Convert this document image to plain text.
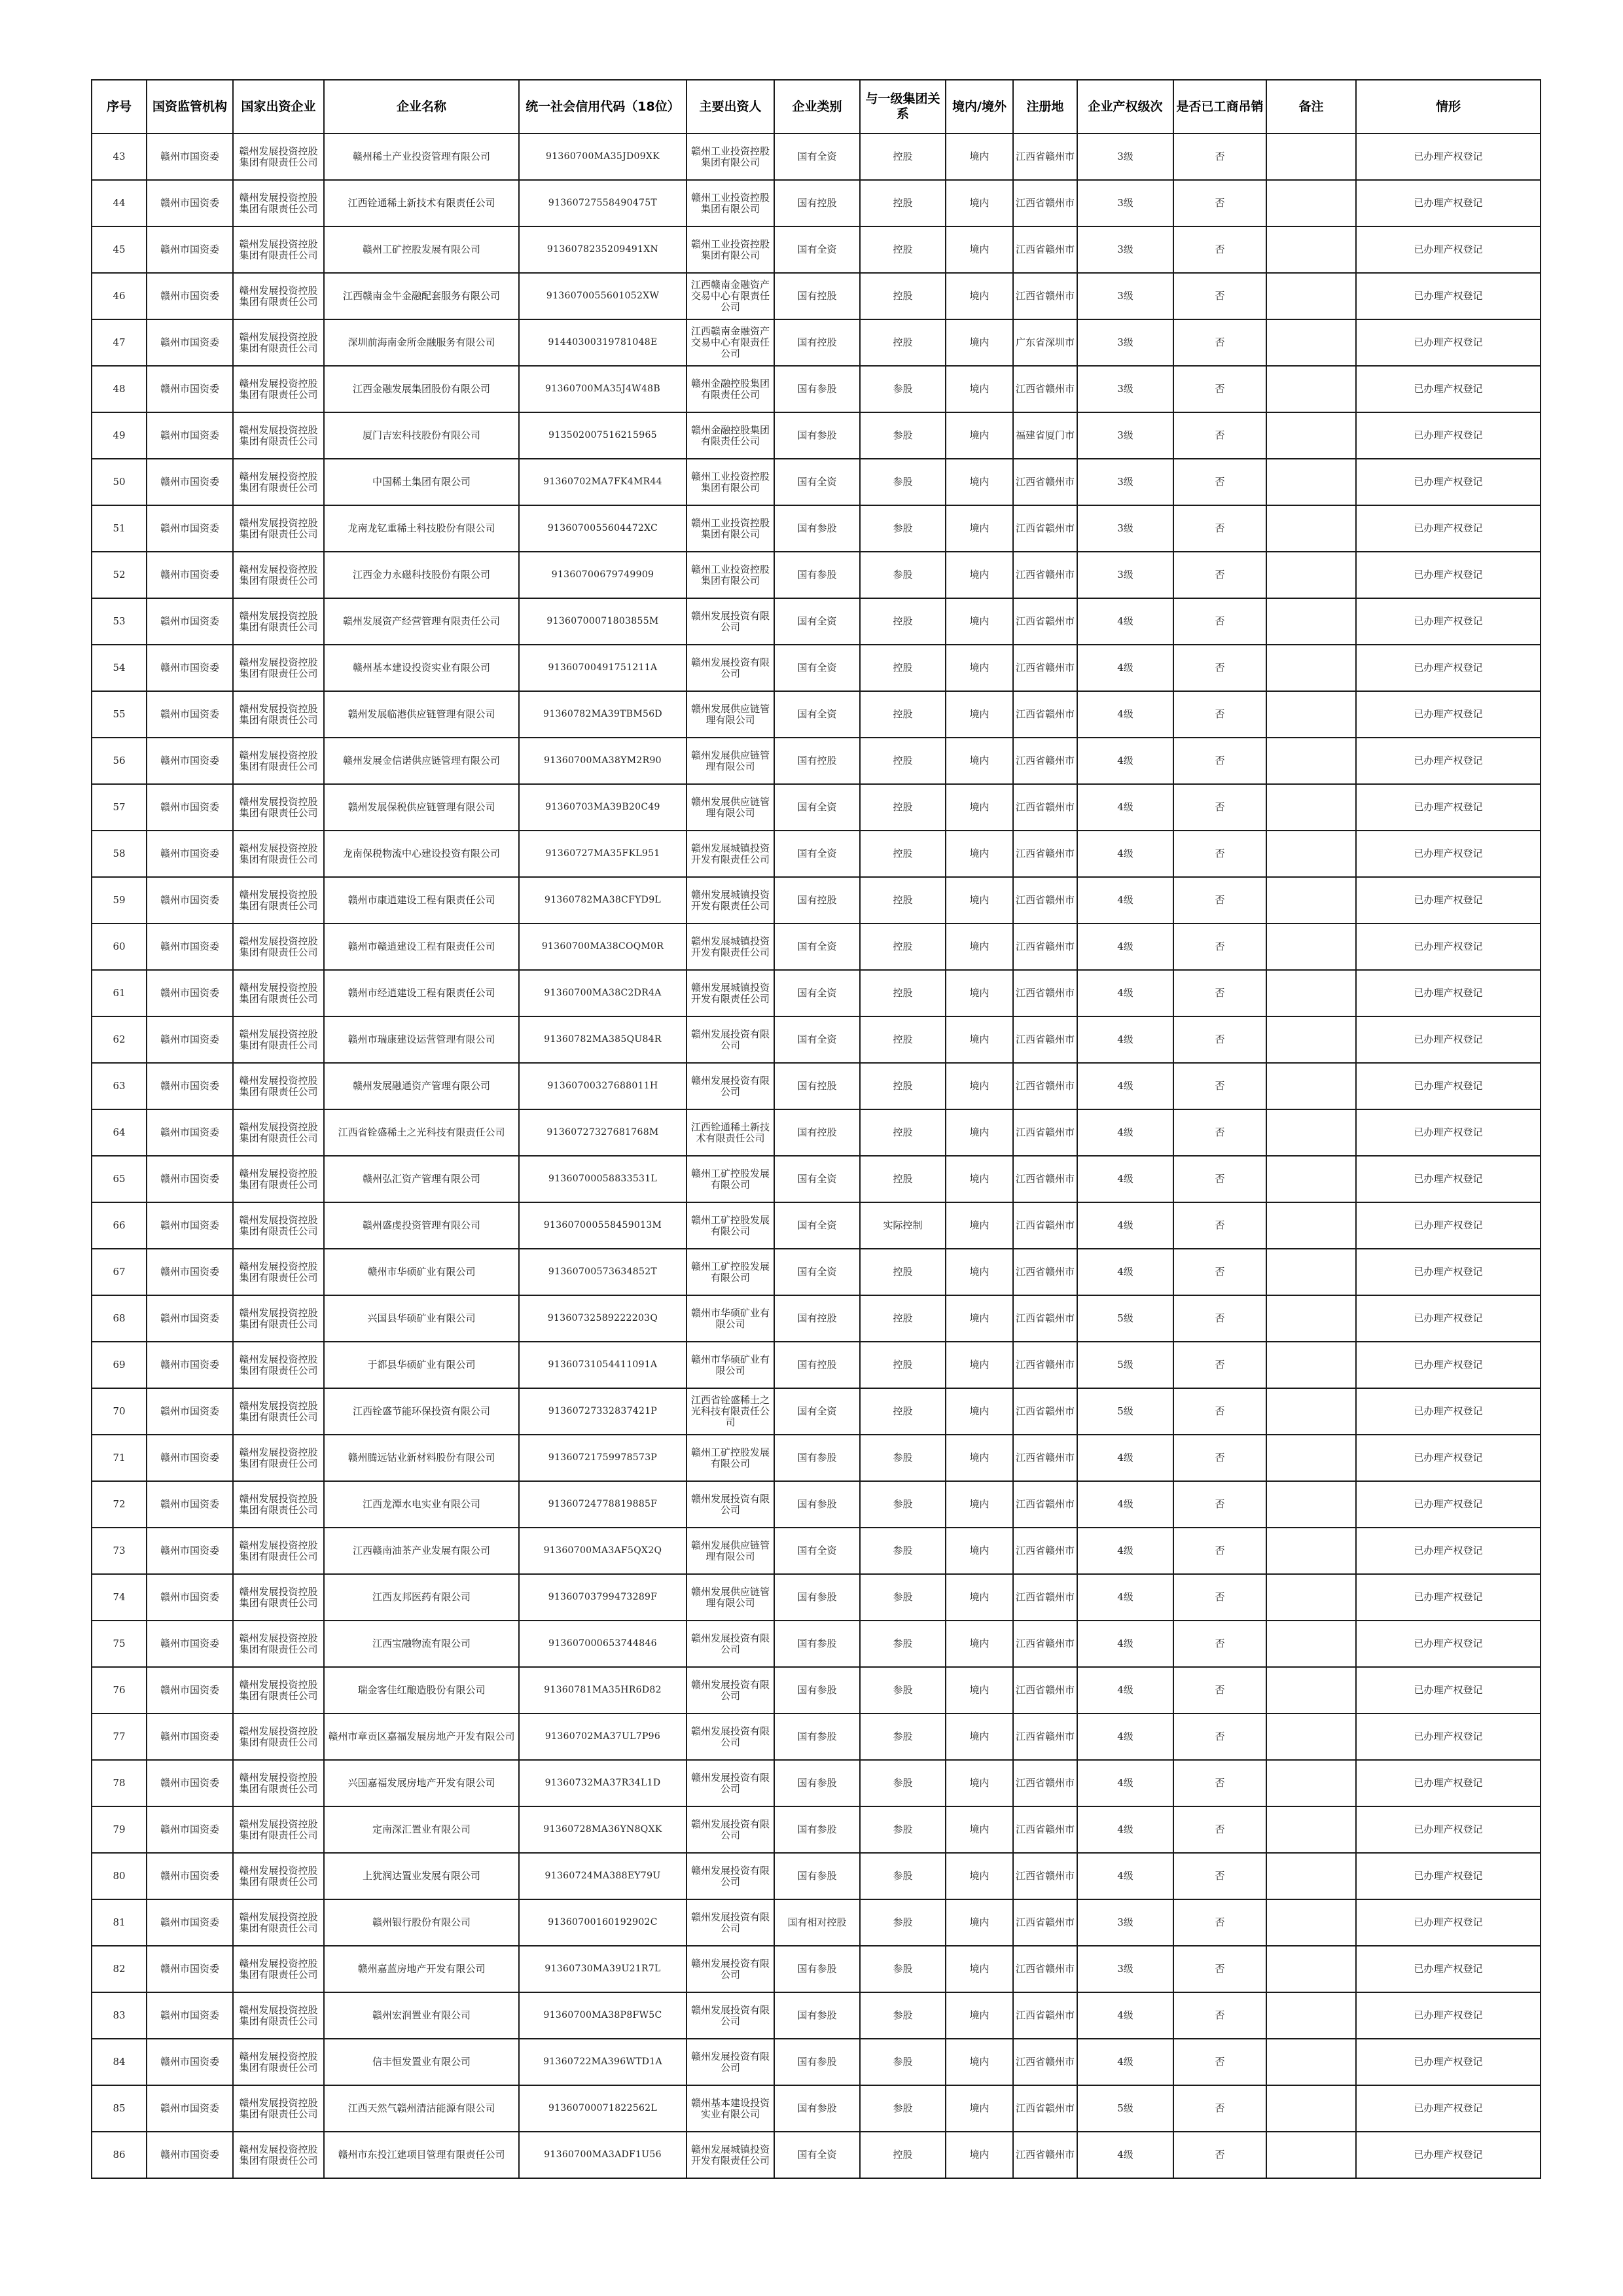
序号	国资监管机构	国家出资企业	企业名称	统一社会信用代码（18位）	主要出资人	企业类别	与一级集团关系	境内/境外	注册地	企业产权级次	是否已工商吊销	备注	情形
43	赣州市国资委	赣州发展投资控股集团有限责任公司	赣州稀土产业投资管理有限公司	91360700MA35JD09XK	赣州工业投资控股集团有限公司	国有全资	控股	境内	江西省赣州市	3级	否		已办理产权登记
44	赣州市国资委	赣州发展投资控股集团有限责任公司	江西铨通稀土新技术有限责任公司	913607275584904​75T	赣州工业投资控股集团有限公司	国有控股	控股	境内	江西省赣州市	3级	否		已办理产权登记
45	赣州市国资委	赣州发展投资控股集团有限责任公司	赣州工矿控股发展有限公司	91360782352094​91XN	赣州工业投资控股集团有限公司	国有全资	控股	境内	江西省赣州市	3级	否		已办理产权登记
46	赣州市国资委	赣州发展投资控股集团有限责任公司	江西赣南金牛金融配套服务有限公司	91360700556010​52XW	江西赣南金融资产交易中心有限责任公司	国有控股	控股	境内	江西省赣州市	3级	否		已办理产权登记
47	赣州市国资委	赣州发展投资控股集团有限责任公司	深圳前海南金所金融服务有限公司	91440300319781048E	江西赣南金融资产交易中心有限责任公司	国有控股	控股	境内	广东省深圳市	3级	否		已办理产权登记
48	赣州市国资委	赣州发展投资控股集团有限责任公司	江西金融发展集团股份有限公司	91360700MA35J4W48B	赣州金融控股集团有限责任公司	国有参股	参股	境内	江西省赣州市	3级	否		已办理产权登记
49	赣州市国资委	赣州发展投资控股集团有限责任公司	厦门吉宏科技股份有限公司	91350200751621596​5	赣州金融控股集团有限责任公司	国有参股	参股	境内	福建省厦门市	3级	否		已办理产权登记
50	赣州市国资委	赣州发展投资控股集团有限责任公司	中国稀土集团有限公司	91360702MA7FK4MR44	赣州工业投资控股集团有限公司	国有全资	参股	境内	江西省赣州市	3级	否		已办理产权登记
51	赣州市国资委	赣州发展投资控股集团有限责任公司	龙南龙钇重稀土科技股份有限公司	91360700556044​72XC	赣州工业投资控股集团有限公司	国有参股	参股	境内	江西省赣州市	3级	否		已办理产权登记
52	赣州市国资委	赣州发展投资控股集团有限责任公司	江西金力永磁科技股份有限公司	913607006797499​09	赣州工业投资控股集团有限公司	国有参股	参股	境内	江西省赣州市	3级	否		已办理产权登记
53	赣州市国资委	赣州发展投资控股集团有限责任公司	赣州发展资产经营管理有限责任公司	913607000718038​55M	赣州发展投资有限公司	国有全资	控股	境内	江西省赣州市	4级	否		已办理产权登记
54	赣州市国资委	赣州发展投资控股集团有限责任公司	赣州基本建设投资实业有限公司	913607004917512​11A	赣州发展投资有限公司	国有全资	控股	境内	江西省赣州市	4级	否		已办理产权登记
55	赣州市国资委	赣州发展投资控股集团有限责任公司	赣州发展临港供应链管理有限公司	91360782MA39TBM56D	赣州发展供应链管理有限公司	国有全资	控股	境内	江西省赣州市	4级	否		已办理产权登记
56	赣州市国资委	赣州发展投资控股集团有限责任公司	赣州发展金信诺供应链管理有限公司	91360700MA38YM2R90	赣州发展供应链管理有限公司	国有控股	控股	境内	江西省赣州市	4级	否		已办理产权登记
57	赣州市国资委	赣州发展投资控股集团有限责任公司	赣州发展保税供应链管理有限公司	91360703MA39B20C49	赣州发展供应链管理有限公司	国有全资	控股	境内	江西省赣州市	4级	否		已办理产权登记
58	赣州市国资委	赣州发展投资控股集团有限责任公司	龙南保税物流中心建设投资有限公司	91360727MA35FKL951	赣州发展城镇投资开发有限责任公司	国有全资	控股	境内	江西省赣州市	4级	否		已办理产权登记
59	赣州市国资委	赣州发展投资控股集团有限责任公司	赣州市康逍建设工程有限责任公司	91360782MA38CFYD9L	赣州发展城镇投资开发有限责任公司	国有控股	控股	境内	江西省赣州市	4级	否		已办理产权登记
60	赣州市国资委	赣州发展投资控股集团有限责任公司	赣州市赣逍建设工程有限责任公司	91360700MA38COQM0R	赣州发展城镇投资开发有限责任公司	国有全资	控股	境内	江西省赣州市	4级	否		已办理产权登记
61	赣州市国资委	赣州发展投资控股集团有限责任公司	赣州市经逍建设工程有限责任公司	91360700MA38C2DR4A	赣州发展城镇投资开发有限责任公司	国有全资	控股	境内	江西省赣州市	4级	否		已办理产权登记
62	赣州市国资委	赣州发展投资控股集团有限责任公司	赣州市瑞康建设运营管理有限公司	91360782MA385QU84R	赣州发展投资有限公司	国有全资	控股	境内	江西省赣州市	4级	否		已办理产权登记
63	赣州市国资委	赣州发展投资控股集团有限责任公司	赣州发展融通资产管理有限公司	913607003276880​11H	赣州发展投资有限公司	国有控股	控股	境内	江西省赣州市	4级	否		已办理产权登记
64	赣州市国资委	赣州发展投资控股集团有限责任公司	江西省铨盛稀土之光科技有限责任公司	913607273276817​68M	江西铨通稀土新技术有限责任公司	国有控股	控股	境内	江西省赣州市	4级	否		已办理产权登记
65	赣州市国资委	赣州发展投资控股集团有限责任公司	赣州弘汇资产管理有限公司	913607000588335​31L	赣州工矿控股发展有限公司	国有全资	控股	境内	江西省赣州市	4级	否		已办理产权登记
66	赣州市国资委	赣州发展投资控股集团有限责任公司	赣州盛虔投资管理有限公司	913607000558459​013M	赣州工矿控股发展有限公司	国有全资	实际控制	境内	江西省赣州市	4级	否		已办理产权登记
67	赣州市国资委	赣州发展投资控股集团有限责任公司	赣州市华硕矿业有限公司	913607005736348​52T	赣州工矿控股发展有限公司	国有全资	控股	境内	江西省赣州市	4级	否		已办理产权登记
68	赣州市国资委	赣州发展投资控股集团有限责任公司	兴国县华硕矿业有限公司	913607325892222​03Q	赣州市华硕矿业有限公司	国有控股	控股	境内	江西省赣州市	5级	否		已办理产权登记
69	赣州市国资委	赣州发展投资控股集团有限责任公司	于都县华硕矿业有限公司	913607310544110​91A	赣州市华硕矿业有限公司	国有控股	控股	境内	江西省赣州市	5级	否		已办理产权登记
70	赣州市国资委	赣州发展投资控股集团有限责任公司	江西铨盛节能环保投资有限公司	913607273328374​21P	江西省铨盛稀土之光科技有限责任公司	国有全资	控股	境内	江西省赣州市	5级	否		已办理产权登记
71	赣州市国资委	赣州发展投资控股集团有限责任公司	赣州腾远钴业新材料股份有限公司	913607217599785​73P	赣州工矿控股发展有限公司	国有参股	参股	境内	江西省赣州市	4级	否		已办理产权登记
72	赣州市国资委	赣州发展投资控股集团有限责任公司	江西龙潭水电实业有限公司	913607247788198​85F	赣州发展投资有限公司	国有参股	参股	境内	江西省赣州市	4级	否		已办理产权登记
73	赣州市国资委	赣州发展投资控股集团有限责任公司	江西赣南油茶产业发展有限公司	91360700MA3AF5QX2Q	赣州发展供应链管理有限公司	国有全资	参股	境内	江西省赣州市	4级	否		已办理产权登记
74	赣州市国资委	赣州发展投资控股集团有限责任公司	江西友邦医药有限公司	913607037994732​89F	赣州发展供应链管理有限公司	国有参股	参股	境内	江西省赣州市	4级	否		已办理产权登记
75	赣州市国资委	赣州发展投资控股集团有限责任公司	江西宝融物流有限公司	913607000653744​846	赣州发展投资有限公司	国有参股	参股	境内	江西省赣州市	4级	否		已办理产权登记
76	赣州市国资委	赣州发展投资控股集团有限责任公司	瑞金客佳红酿造股份有限公司	91360781MA35HR6D82	赣州发展投资有限公司	国有参股	参股	境内	江西省赣州市	4级	否		已办理产权登记
77	赣州市国资委	赣州发展投资控股集团有限责任公司	赣州市章贡区嘉福发展房地产开发有限公司	91360702MA37UL7P96	赣州发展投资有限公司	国有参股	参股	境内	江西省赣州市	4级	否		已办理产权登记
78	赣州市国资委	赣州发展投资控股集团有限责任公司	兴国嘉福发展房地产开发有限公司	91360732MA37R34L1D	赣州发展投资有限公司	国有参股	参股	境内	江西省赣州市	4级	否		已办理产权登记
79	赣州市国资委	赣州发展投资控股集团有限责任公司	定南深汇置业有限公司	91360728MA36YN8QXK	赣州发展投资有限公司	国有参股	参股	境内	江西省赣州市	4级	否		已办理产权登记
80	赣州市国资委	赣州发展投资控股集团有限责任公司	上犹润达置业发展有限公司	91360724MA388EY79U	赣州发展投资有限公司	国有参股	参股	境内	江西省赣州市	4级	否		已办理产权登记
81	赣州市国资委	赣州发展投资控股集团有限责任公司	赣州银行股份有限公司	913607001601929​02C	赣州发展投资有限公司	国有相对控股	参股	境内	江西省赣州市	3级	否		已办理产权登记
82	赣州市国资委	赣州发展投资控股集团有限责任公司	赣州嘉蓝房地产开发有限公司	91360730MA39U21R7L	赣州发展投资有限公司	国有参股	参股	境内	江西省赣州市	3级	否		已办理产权登记
83	赣州市国资委	赣州发展投资控股集团有限责任公司	赣州宏润置业有限公司	91360700MA38P8FW5C	赣州发展投资有限公司	国有参股	参股	境内	江西省赣州市	4级	否		已办理产权登记
84	赣州市国资委	赣州发展投资控股集团有限责任公司	信丰恒发置业有限公司	91360722MA396WTD1A	赣州发展投资有限公司	国有参股	参股	境内	江西省赣州市	4级	否		已办理产权登记
85	赣州市国资委	赣州发展投资控股集团有限责任公司	江西天然气赣州清洁能源有限公司	913607000718225​62L	赣州基本建设投资实业有限公司	国有参股	参股	境内	江西省赣州市	5级	否		已办理产权登记
86	赣州市国资委	赣州发展投资控股集团有限责任公司	赣州市东投江建项目管理有限责任公司	91360700MA3ADF1U56	赣州发展城镇投资开发有限责任公司	国有全资	控股	境内	江西省赣州市	4级	否		已办理产权登记
